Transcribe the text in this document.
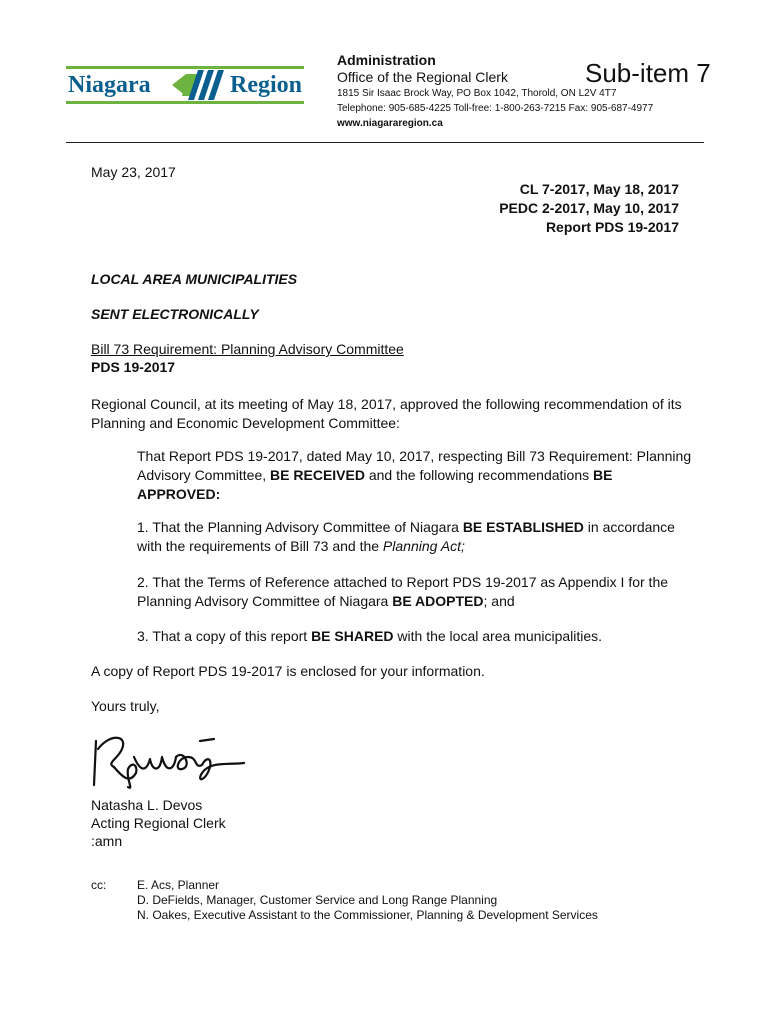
Niagara	Region
Administration
Office of the Regional Clerk
1815 Sir Isaac Brock Way, PO Box 1042, Thorold, ON L2V 4T7
Telephone: 905-685-4225 Toll-free: 1-800-263-7215 Fax: 905-687-4977
www.niagararegion.ca
Sub-item 7
May 23, 2017
CL 7-2017, May 18, 2017
PEDC 2-2017, May 10, 2017
Report PDS 19-2017
LOCAL AREA MUNICIPALITIES
SENT ELECTRONICALLY
Bill 73 Requirement: Planning Advisory Committee
PDS 19-2017
Regional Council, at its meeting of May 18, 2017, approved the following recommendation of its Planning and Economic Development Committee:
That Report PDS 19-2017, dated May 10, 2017, respecting Bill 73 Requirement: Planning Advisory Committee, BE RECEIVED and the following recommendations BE APPROVED:
1. That the Planning Advisory Committee of Niagara BE ESTABLISHED in accordance with the requirements of Bill 73 and the Planning Act;
2. That the Terms of Reference attached to Report PDS 19-2017 as Appendix I for the Planning Advisory Committee of Niagara BE ADOPTED; and
3. That a copy of this report BE SHARED with the local area municipalities.
A copy of Report PDS 19-2017 is enclosed for your information.
Yours truly,
Natasha L. Devos
Acting Regional Clerk
:amn
cc:	E. Acs, Planner
D. DeFields, Manager, Customer Service and Long Range Planning
N. Oakes, Executive Assistant to the Commissioner, Planning & Development Services
